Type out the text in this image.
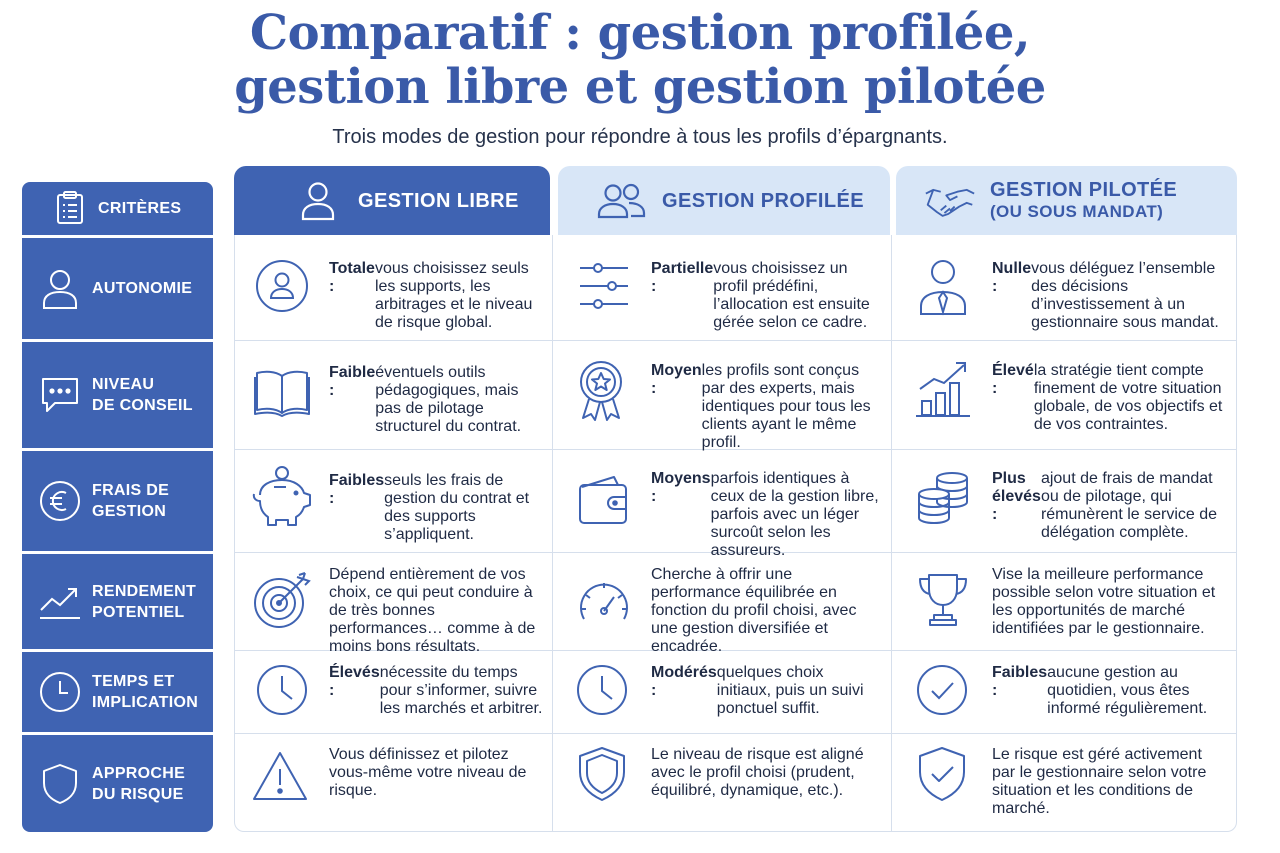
Comparatif : gestion profilée,
gestion libre et gestion pilotée
Trois modes de gestion pour répondre à tous les profils d’épargnants.
CRITÈRES
AUTONOMIE
NIVEAU
DE CONSEIL
FRAIS DE
GESTION
RENDEMENT
POTENTIEL
TEMPS ET
IMPLICATION
APPROCHE
DU RISQUE
GESTION LIBRE	GESTION PROFILÉE	GESTION PILOTÉE
(OU SOUS MANDAT)
Totale :
vous choisissez seuls les supports, les arbitrages et le niveau de risque global.
Partielle :
vous choisissez un profil prédéfini, l’allocation est ensuite gérée selon ce cadre.
Nulle :
vous déléguez l’ensemble des décisions d’investissement à un gestionnaire sous mandat.
Faible :
éventuels outils pédagogiques, mais pas de pilotage structurel du contrat.
Moyen :
les profils sont conçus par des experts, mais identiques pour tous les clients ayant le même profil.
Élevé :
la stratégie tient compte finement de votre situation globale, de vos objectifs et de vos contraintes.
Faibles :
seuls les frais de gestion du contrat et des supports s’appliquent.
Moyens :
parfois identiques à ceux de la gestion libre, parfois avec un léger surcoût selon les assureurs.
Plus élevés :
ajout de frais de mandat ou de pilotage, qui rémunèrent le service de délégation complète.
Dépend entièrement de vos choix, ce qui peut conduire à de très bonnes performances… comme à de moins bons résultats.
Cherche à offrir une performance équilibrée en fonction du profil choisi, avec une gestion diversifiée et encadrée.
Vise la meilleure performance possible selon votre situation et les opportunités de marché identifiées par le gestionnaire.
Élevés :
nécessite du temps pour s’informer, suivre les marchés et arbitrer.
Modérés :
quelques choix initiaux, puis un suivi ponctuel suffit.
Faibles :
aucune gestion au quotidien, vous êtes informé régulièrement.
Vous définissez et pilotez vous-même votre niveau de risque.
Le niveau de risque est aligné avec le profil choisi (prudent, équilibré, dynamique, etc.).
Le risque est géré activement par le gestionnaire selon votre situation et les conditions de marché.
